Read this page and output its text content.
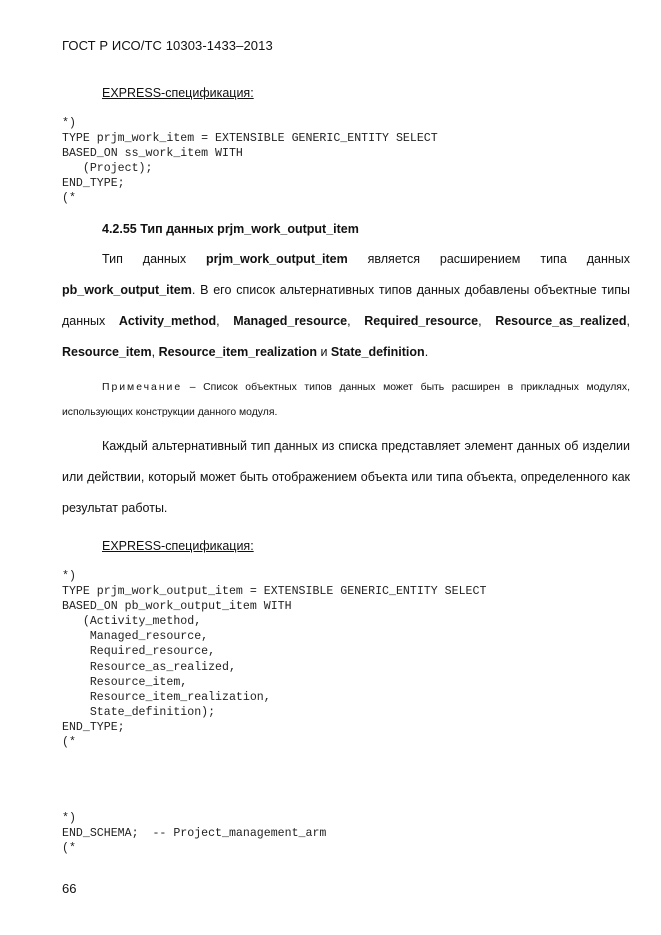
ГОСТ Р ИСО/ТС 10303-1433–2013
EXPRESS-спецификация:
*)
TYPE prjm_work_item = EXTENSIBLE GENERIC_ENTITY SELECT
BASED_ON ss_work_item WITH
(Project);
END_TYPE;
(*
4.2.55 Тип данных prjm_work_output_item

Тип данных prjm_work_output_item является расширением типа данных pb_work_output_item. В его список альтернативных типов данных добавлены объектные типы данных Activity_method, Managed_resource, Required_resource, Resource_as_realized, Resource_item, Resource_item_realization и State_definition.

Примечание – Список объектных типов данных может быть расширен в прикладных модулях, использующих конструкции данного модуля.

Каждый альтернативный тип данных из списка представляет элемент данных об изделии или действии, который может быть отображением объекта или типа объекта, определенного как результат работы.

EXPRESS-спецификация:
*)
TYPE prjm_work_output_item = EXTENSIBLE GENERIC_ENTITY SELECT
BASED_ON pb_work_output_item WITH
(Activity_method,
Managed_resource,
Required_resource,
Resource_as_realized,
Resource_item,
Resource_item_realization,
State_definition);
END_TYPE;
(*
*)
END_SCHEMA;  -- Project_management_arm
(*
66
